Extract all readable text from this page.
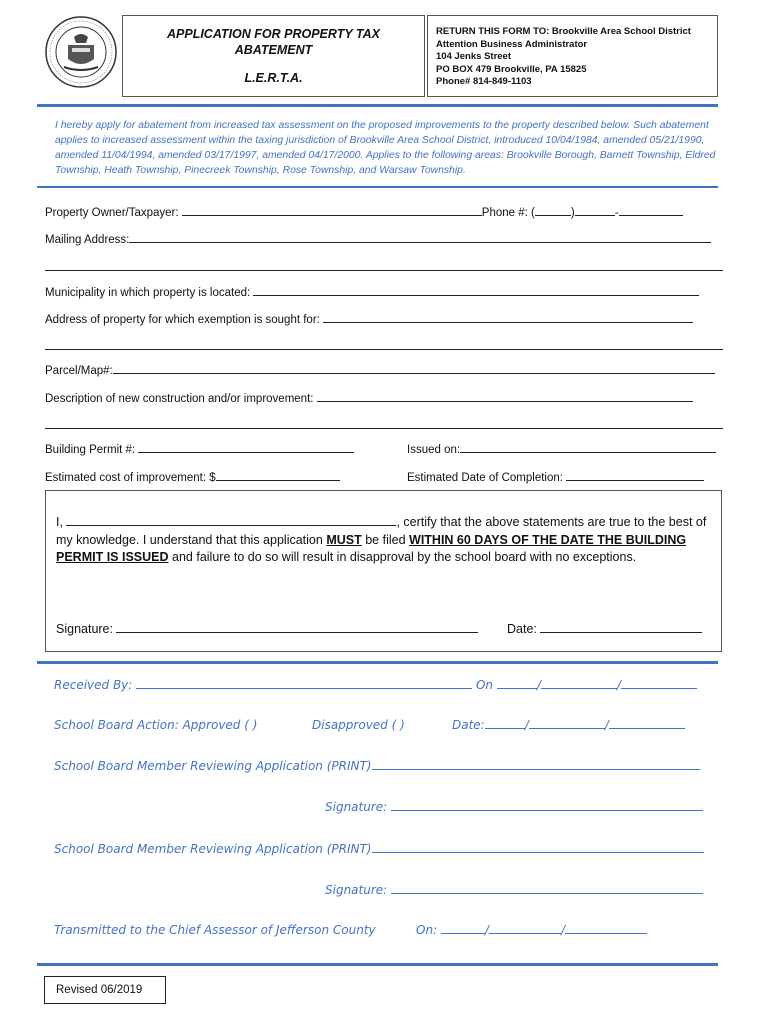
APPLICATION FOR PROPERTY TAX
ABATEMENT
L.E.R.T.A.
RETURN THIS FORM TO: Brookville Area School District
Attention Business Administrator
104 Jenks Street
PO BOX 479 Brookville, PA 15825
Phone# 814-849-1103
I hereby apply for abatement from increased tax assessment on the proposed improvements to the property described below. Such abatement applies to increased assessment within the taxing jurisdiction of Brookville Area School District, introduced 10/04/1984, amended 05/21/1990, amended 11/04/1994, amended 03/17/1997, amended 04/17/2000. Applies to the following areas: Brookville Borough, Barnett Township, Eldred Township, Heath Township, Pinecreek Township, Rose Township, and Warsaw Township.
Property Owner/Taxpayer:	Phone #: (	)	-
Mailing Address:
Municipality in which property is located:
Address of property for which exemption is sought for:
Parcel/Map#:
Description of new construction and/or improvement:
Building Permit #:	Issued on:
Estimated cost of improvement: $	Estimated Date of Completion:
I,	, certify that the above statements are true to the best of my knowledge. I understand that this application MUST be filed WITHIN 60 DAYS OF THE DATE THE BUILDING PERMIT IS ISSUED and failure to do so will result in disapproval by the school board with no exceptions.
Signature:	Date:
Received By:	On	/	/
School Board Action: Approved ( )	Disapproved ( )	Date:	/	/
School Board Member Reviewing Application (PRINT)
Signature:
School Board Member Reviewing Application (PRINT)
Signature:
Transmitted to the Chief Assessor of Jefferson County	On:	/	/
Revised 06/2019
